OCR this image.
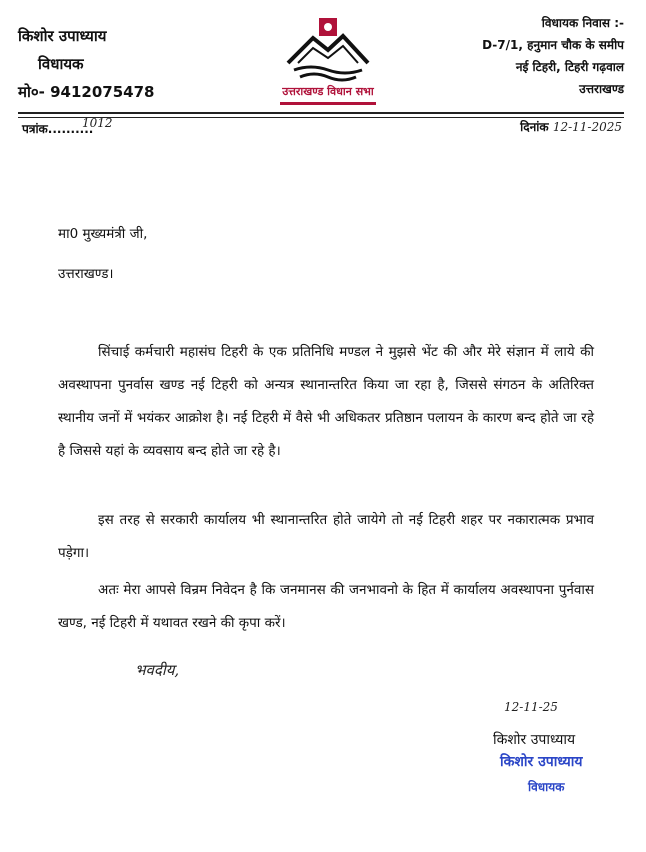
किशोर उपाध्याय
विधायक
मो०- 9412075478	उत्तराखण्ड विधान सभा
विधायक निवास :-
D-7/1, हनुमान चौक के समीप
नई टिहरी, टिहरी गढ़वाल
उत्तराखण्ड
पत्रांक..........
1012	दिनांक 12-11-2025
मा0 मुख्यमंत्री जी,
उत्तराखण्ड।
सिंचाई कर्मचारी महासंघ टिहरी के एक प्रतिनिधि मण्डल ने मुझसे भेंट की और मेरे संज्ञान में लाये की अवस्थापना पुनर्वास खण्ड नई टिहरी को अन्यत्र स्थानान्तरित किया जा रहा है, जिससे संगठन के अतिरिक्त स्थानीय जनों में भयंकर आक्रोश है। नई टिहरी में वैसे भी अधिकतर प्रतिष्ठान पलायन के कारण बन्द होते जा रहे है जिससे यहां के व्यवसाय बन्द होते जा रहे है।
इस तरह से सरकारी कार्यालय भी स्थानान्तरित होते जायेगे तो नई टिहरी शहर पर नकारात्मक प्रभाव पड़ेगा।
अतः मेरा आपसे विन्रम निवेदन है कि जनमानस की जनभावनो के हित में कार्यालय अवस्थापना पुर्नवास खण्ड, नई टिहरी में यथावत रखने की कृपा करें।
भवदीय,
12-11-25
किशोर उपाध्याय
किशोर उपाध्याय
विधायक
